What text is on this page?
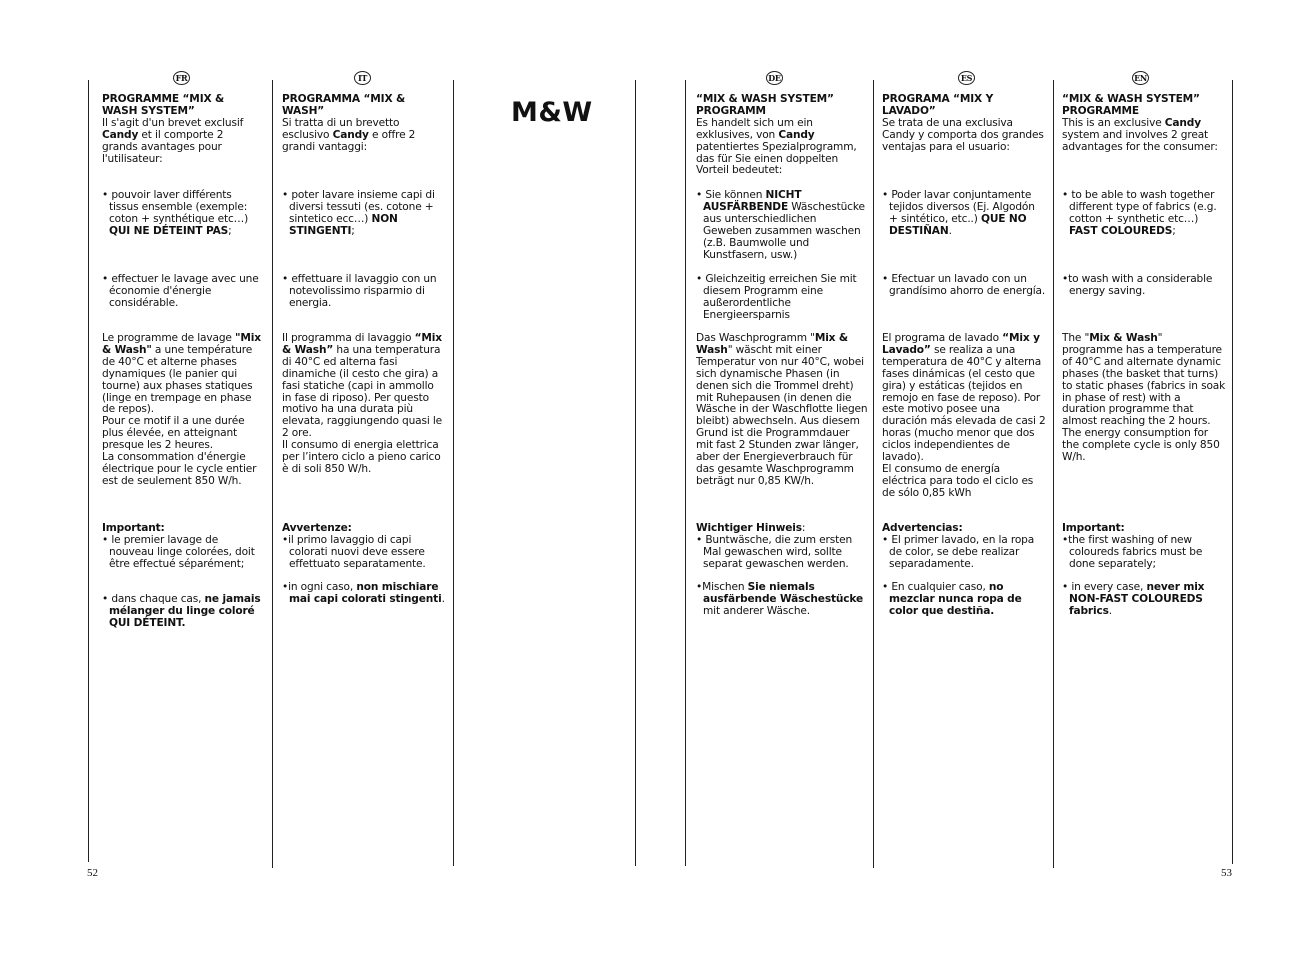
FR	IT	DE	ES	EN
M&W

PROGRAMME “MIX & WASH SYSTEM”

Il s'agit d'un brevet exclusif Candy et il comporte 2 grands avantages pour l'utilisateur:

• pouvoir laver différents tissus ensemble (exemple: coton + synthétique etc…) QUI NE DÉTEINT PAS;

• effectuer le lavage avec une économie d'énergie considérable.

Le programme de lavage "Mix & Wash" a une température de 40°C et alterne phases dynamiques (le panier qui tourne) aux phases statiques (linge en trempage en phase de repos).

Pour ce motif il a une durée plus élevée, en atteignant presque les 2 heures.

La consommation d'énergie électrique pour le cycle entier est de seulement 850 W/h.

Important:

• le premier lavage de nouveau linge colorées, doit être effectué séparément;

• dans chaque cas, ne jamais mélanger du linge coloré QUI DÉTEINT.

PROGRAMMA “MIX & WASH”

Si tratta di un brevetto esclusivo Candy e offre 2 grandi vantaggi:

• poter lavare insieme capi di diversi tessuti (es. cotone + sintetico ecc…) NON STINGENTI;

• effettuare il lavaggio con un notevolissimo risparmio di energia.

Il programma di lavaggio “Mix & Wash” ha una temperatura di 40°C ed alterna fasi dinamiche (il cesto che gira) a fasi statiche (capi in ammollo in fase di riposo). Per questo motivo ha una durata più elevata, raggiungendo quasi le 2 ore.

Il consumo di energia elettrica per l’intero ciclo a pieno carico è di soli 850 W/h.

Avvertenze:

•il primo lavaggio di capi colorati nuovi deve essere effettuato separatamente.

•in ogni caso, non mischiare mai capi colorati stingenti.

“MIX & WASH SYSTEM” PROGRAMM

Es handelt sich um ein exklusives, von Candy patentiertes Spezialprogramm, das für Sie einen doppelten Vorteil bedeutet:

• Sie können NICHT AUSFÄRBENDE Wäschestücke aus unterschiedlichen Geweben zusammen waschen (z.B. Baumwolle und Kunstfasern, usw.)

• Gleichzeitig erreichen Sie mit diesem Programm eine außerordentliche Energieersparnis

Das Waschprogramm "Mix & Wash" wäscht mit einer Temperatur von nur 40°C, wobei sich dynamische Phasen (in denen sich die Trommel dreht) mit Ruhepausen (in denen die Wäsche in der Waschflotte liegen bleibt) abwechseln. Aus diesem Grund ist die Programmdauer mit fast 2 Stunden zwar länger, aber der Energieverbrauch für das gesamte Waschprogramm beträgt nur 0,85 KW/h.

Wichtiger Hinweis:

• Buntwäsche, die zum ersten Mal gewaschen wird, sollte separat gewaschen werden.

•Mischen Sie niemals ausfärbende Wäschestücke mit anderer Wäsche.

PROGRAMA “MIX Y LAVADO”

Se trata de una exclusiva Candy y comporta dos grandes ventajas para el usuario:

• Poder lavar conjuntamente tejidos diversos (Ej. Algodón + sintético, etc..) QUE NO DESTIÑAN.

• Efectuar un lavado con un grandísimo ahorro de energía.

El programa de lavado “Mix y Lavado” se realiza a una temperatura de 40°C y alterna fases dinámicas (el cesto que gira) y estáticas (tejidos en remojo en fase de reposo). Por este motivo posee una duración más elevada de casi 2 horas (mucho menor que dos ciclos independientes de lavado).

El consumo de energía eléctrica para todo el ciclo es de sólo 0,85 kWh

Advertencias:

• El primer lavado, en la ropa de color, se debe realizar separadamente.

• En cualquier caso, no mezclar nunca ropa de color que destiña.

“MIX & WASH SYSTEM” PROGRAMME

This is an exclusive Candy system and involves 2 great advantages for the consumer:

• to be able to wash together different type of fabrics (e.g. cotton + synthetic etc…) FAST COLOUREDS;

•to wash with a considerable energy saving.

The "Mix & Wash" programme has a temperature of 40°C and alternate dynamic phases (the basket that turns) to static phases (fabrics in soak in phase of rest) with a duration programme that almost reaching the 2 hours. The energy consumption for the complete cycle is only 850 W/h.

Important:

•the first washing of new coloureds fabrics must be done separately;

• in every case, never mix NON-FAST COLOUREDS fabrics.

52	53
